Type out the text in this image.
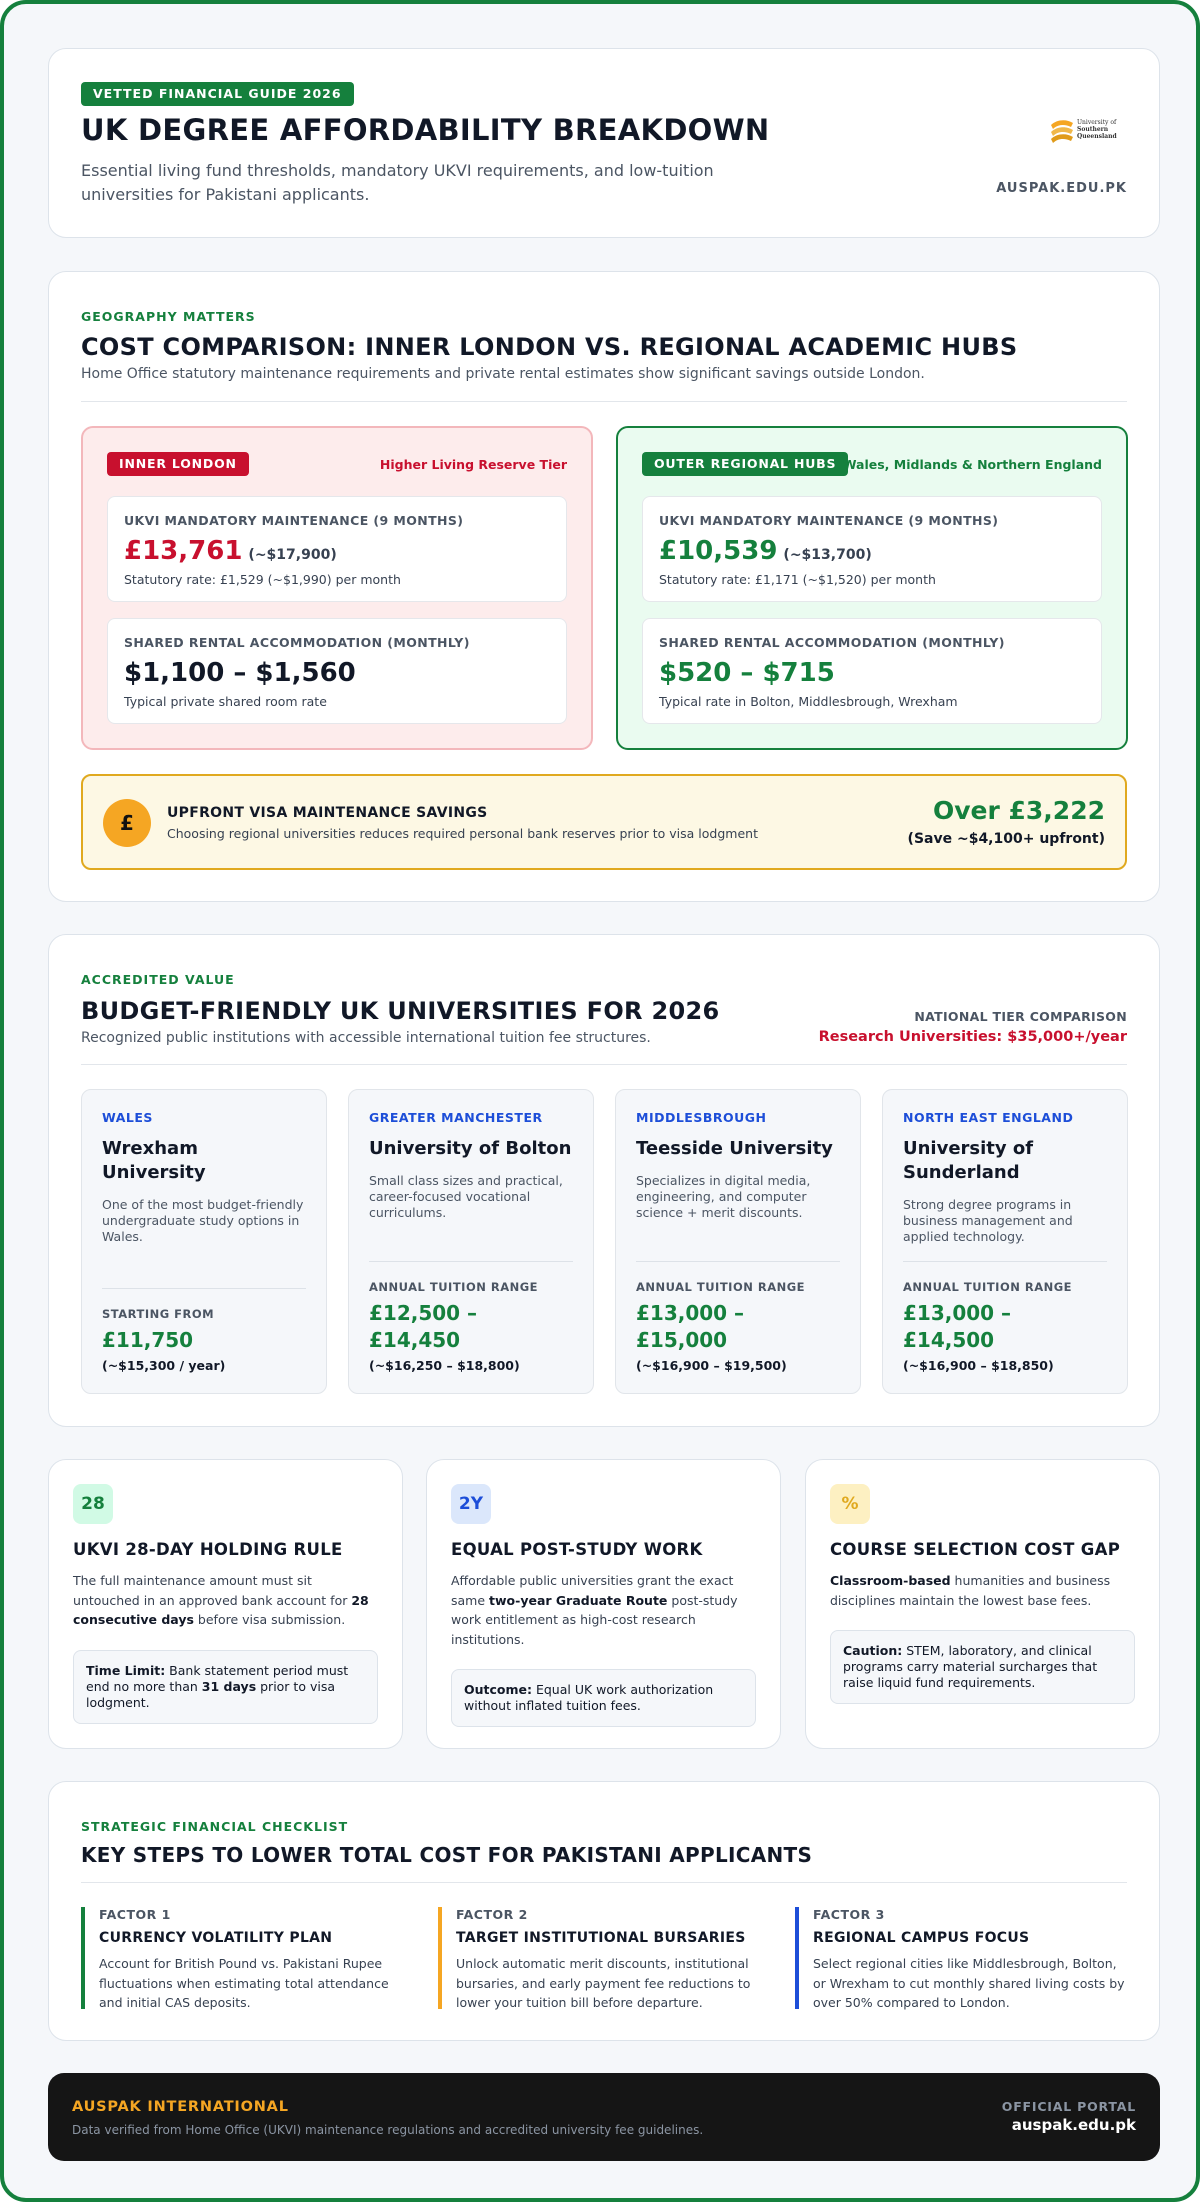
VETTED FINANCIAL GUIDE 2026
UK DEGREE AFFORDABILITY BREAKDOWN
Essential living fund thresholds, mandatory UKVI requirements, and low-tuition universities for Pakistani applicants.
University of
Southern
Queensland
AUSPAK.EDU.PK
GEOGRAPHY MATTERS
COST COMPARISON: INNER LONDON VS. REGIONAL ACADEMIC HUBS
Home Office statutory maintenance requirements and private rental estimates show significant savings outside London.
INNER LONDON	Higher Living Reserve Tier
UKVI MANDATORY MAINTENANCE (9 MONTHS)
£13,761 (~$17,900)
Statutory rate: £1,529 (~$1,990) per month
SHARED RENTAL ACCOMMODATION (MONTHLY)
$1,100 – $1,560
Typical private shared room rate
OUTER REGIONAL HUBS Wales, Midlands & Northern England
UKVI MANDATORY MAINTENANCE (9 MONTHS)
£10,539 (~$13,700)
Statutory rate: £1,171 (~$1,520) per month
SHARED RENTAL ACCOMMODATION (MONTHLY)
$520 – $715
Typical rate in Bolton, Middlesbrough, Wrexham
£	UPFRONT VISA MAINTENANCE SAVINGS
Choosing regional universities reduces required personal bank reserves prior to visa lodgment
Over £3,222
(Save ~$4,100+ upfront)
ACCREDITED VALUE
BUDGET-FRIENDLY UK UNIVERSITIES FOR 2026
Recognized public institutions with accessible international tuition fee structures.
NATIONAL TIER COMPARISON
Research Universities: $35,000+/year
WALES
Wrexham University
One of the most budget-friendly undergraduate study options in Wales.
STARTING FROM
£11,750
(~$15,300 / year)
GREATER MANCHESTER
University of Bolton
Small class sizes and practical, career-focused vocational curriculums.
ANNUAL TUITION RANGE
£12,500 – £14,450
(~$16,250 – $18,800)
MIDDLESBROUGH
Teesside University
Specializes in digital media, engineering, and computer science + merit discounts.
ANNUAL TUITION RANGE
£13,000 – £15,000
(~$16,900 – $19,500)
NORTH EAST ENGLAND
University of Sunderland
Strong degree programs in business management and applied technology.
ANNUAL TUITION RANGE
£13,000 – £14,500
(~$16,900 – $18,850)
28
UKVI 28-DAY HOLDING RULE
The full maintenance amount must sit untouched in an approved bank account for 28 consecutive days before visa submission.
Time Limit: Bank statement period must end no more than 31 days prior to visa lodgment.
2Y
EQUAL POST-STUDY WORK
Affordable public universities grant the exact same two-year Graduate Route post-study work entitlement as high-cost research institutions.
Outcome: Equal UK work authorization without inflated tuition fees.
%
COURSE SELECTION COST GAP
Classroom-based humanities and business disciplines maintain the lowest base fees.
Caution: STEM, laboratory, and clinical programs carry material surcharges that raise liquid fund requirements.
STRATEGIC FINANCIAL CHECKLIST
KEY STEPS TO LOWER TOTAL COST FOR PAKISTANI APPLICANTS
FACTOR 1
CURRENCY VOLATILITY PLAN
Account for British Pound vs. Pakistani Rupee fluctuations when estimating total attendance and initial CAS deposits.
FACTOR 2
TARGET INSTITUTIONAL BURSARIES
Unlock automatic merit discounts, institutional bursaries, and early payment fee reductions to lower your tuition bill before departure.
FACTOR 3
REGIONAL CAMPUS FOCUS
Select regional cities like Middlesbrough, Bolton, or Wrexham to cut monthly shared living costs by over 50% compared to London.
AUSPAK INTERNATIONAL
Data verified from Home Office (UKVI) maintenance regulations and accredited university fee guidelines.
OFFICIAL PORTAL
auspak.edu.pk
